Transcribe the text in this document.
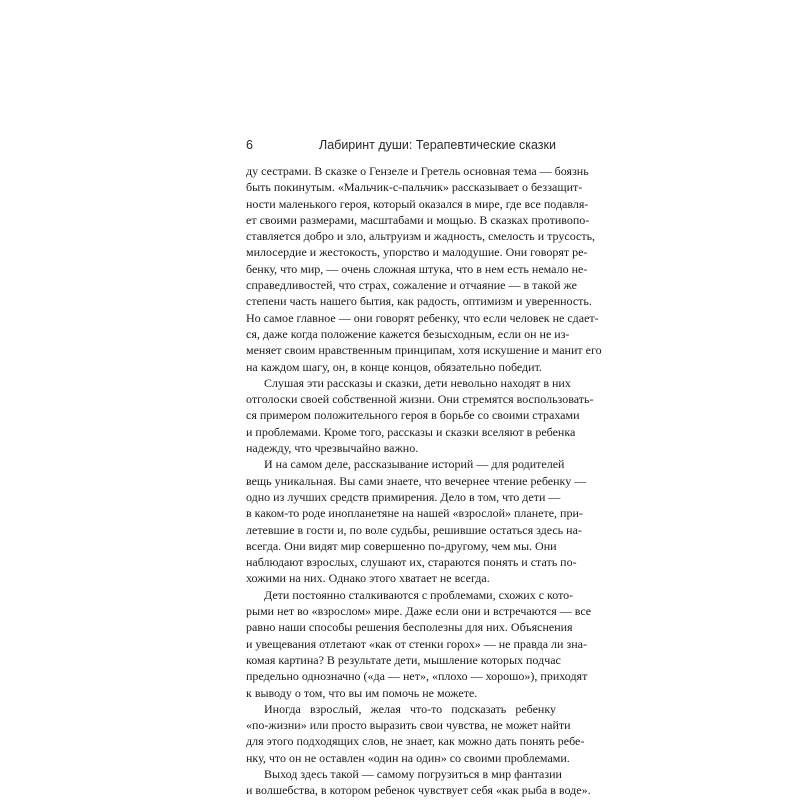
6	Лабиринт души: Терапевтические сказки
ду сестрами. В сказке о Гензеле и Гретель основная тема — боязнь
быть покинутым. «Мальчик-с-пальчик» рассказывает о беззащит-
ности маленького героя, который оказался в мире, где все подавля-
ет своими размерами, масштабами и мощью. В сказках противопо-
ставляется добро и зло, альтруизм и жадность, смелость и трусость,
милосердие и жестокость, упорство и малодушие. Они говорят ре-
бенку, что мир, — очень сложная штука, что в нем есть немало не-
справедливостей, что страх, сожаление и отчаяние — в такой же
степени часть нашего бытия, как радость, оптимизм и уверенность.
Но самое главное — они говорят ребенку, что если человек не сдает-
ся, даже когда положение кажется безысходным, если он не из-
меняет своим нравственным принципам, хотя искушение и манит его
на каждом шагу, он, в конце концов, обязательно победит.
Слушая эти рассказы и сказки, дети невольно находят в них
отголоски своей собственной жизни. Они стремятся воспользовать-
ся примером положительного героя в борьбе со своими страхами
и проблемами. Кроме того, рассказы и сказки вселяют в ребенка
надежду, что чрезвычайно важно.
И на самом деле, рассказывание историй — для родителей
вещь уникальная. Вы сами знаете, что вечернее чтение ребенку —
одно из лучших средств примирения. Дело в том, что дети —
в каком-то роде инопланетяне на нашей «взрослой» планете, при-
летевшие в гости и, по воле судьбы, решившие остаться здесь на-
всегда. Они видят мир совершенно по-другому, чем мы. Они
наблюдают взрослых, слушают их, стараются понять и стать по-
хожими на них. Однако этого хватает не всегда.
Дети постоянно сталкиваются с проблемами, схожих с кото-
рыми нет во «взрослом» мире. Даже если они и встречаются — все
равно наши способы решения бесполезны для них. Объяснения
и увещевания отлетают «как от стенки горох» — не правда ли зна-
комая картина? В результате дети, мышление которых подчас
предельно однозначно («да — нет», «плохо — хорошо»), приходят
к выводу о том, что вы им помочь не можете.
Иногда взрослый, желая что-то подсказать ребенку
«по-жизни» или просто выразить свои чувства, не может найти
для этого подходящих слов, не знает, как можно дать понять ребе-
нку, что он не оставлен «один на один» со своими проблемами.
Выход здесь такой — самому погрузиться в мир фантазии
и волшебства, в котором ребенок чувствует себя «как рыба в воде».
